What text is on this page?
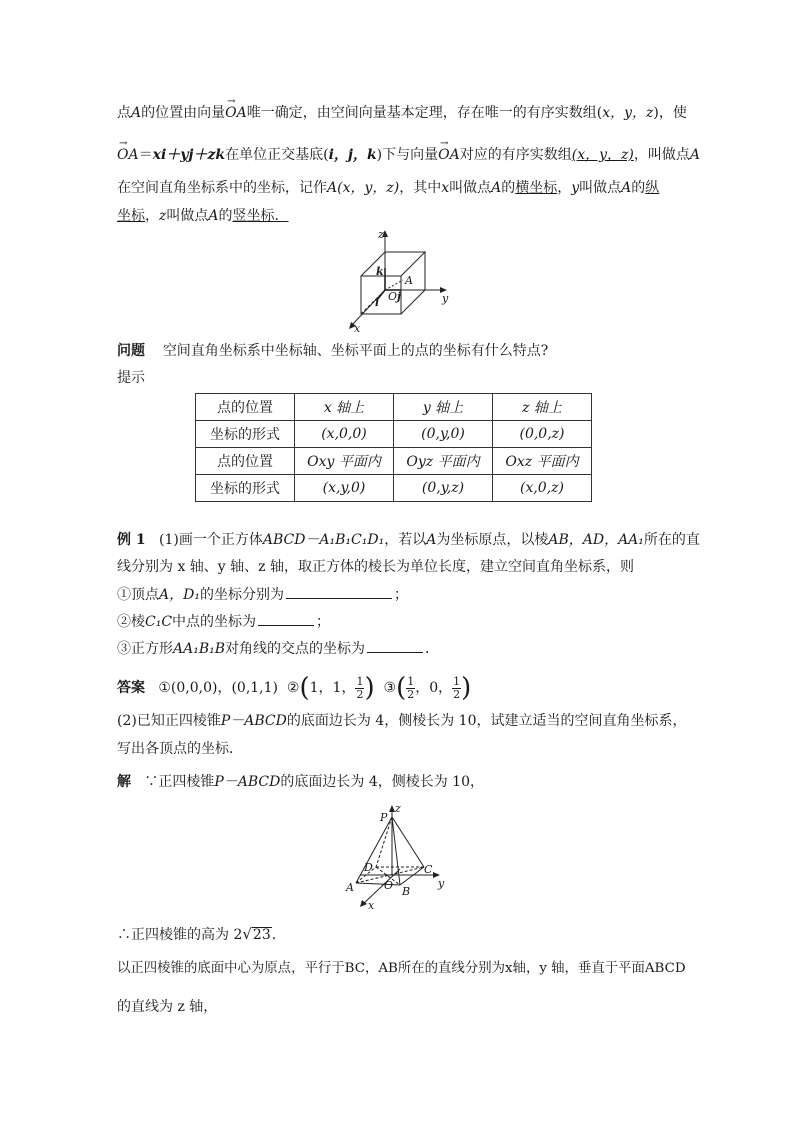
点A的位置由向量→ OA唯一确定，由空间向量基本定理，存在唯一的有序实数组(x，y，z)，使
→ OA＝xi＋yj＋zk在单位正交基底(i，j，k)下与向量→ OA对应的有序实数组(x，y，z)，叫做点A
在空间直角坐标系中的坐标，记作A(x，y，z)，其中x叫做点A的横坐标，y叫做点A的纵
坐标，z叫做点A的竖坐标．
z
y
x
k
A
O j
i
问题 空间直角坐标系中坐标轴、坐标平面上的点的坐标有什么特点?
提示
点的位置	x 轴上	y 轴上	z 轴上
坐标的形式	(x,0,0)	(0,y,0)	(0,0,z)
点的位置	Oxy 平面内	Oyz 平面内	Oxz 平面内
坐标的形式	(x,y,0)	(0,y,z)	(x,0,z)
例 1 (1)画一个正方体ABCD－A₁B₁C₁D₁，若以A为坐标原点，以棱AB，AD，AA₁所在的直
线分别为 x 轴、y 轴、z 轴，取正方体的棱长为单位长度，建立空间直角坐标系，则
①顶点A，D₁的坐标分别为	；
②棱C₁C中点的坐标为	；
③正方形AA₁B₁B对角线的交点的坐标为	．
答案 ①(0,0,0)，(0,1,1) ②(1，1， $\frac{1}{2}$ ) ③( $\frac{1}{2}$ ，0， $\frac{1}{2}$ )
(2)已知正四棱锥P－ABCD的底面边长为 4，侧棱长为 10，试建立适当的空间直角坐标系，
写出各顶点的坐标．
解 ∵正四棱锥P－ABCD的底面边长为 4，侧棱长为 10，
z
P
D	C
A	O B
x
y
∴正四棱锥的高为 2√23.
以正四棱锥的底面中心为原点，平行于BC，AB所在的直线分别为x轴，y 轴，垂直于平面ABCD
的直线为 z 轴，
